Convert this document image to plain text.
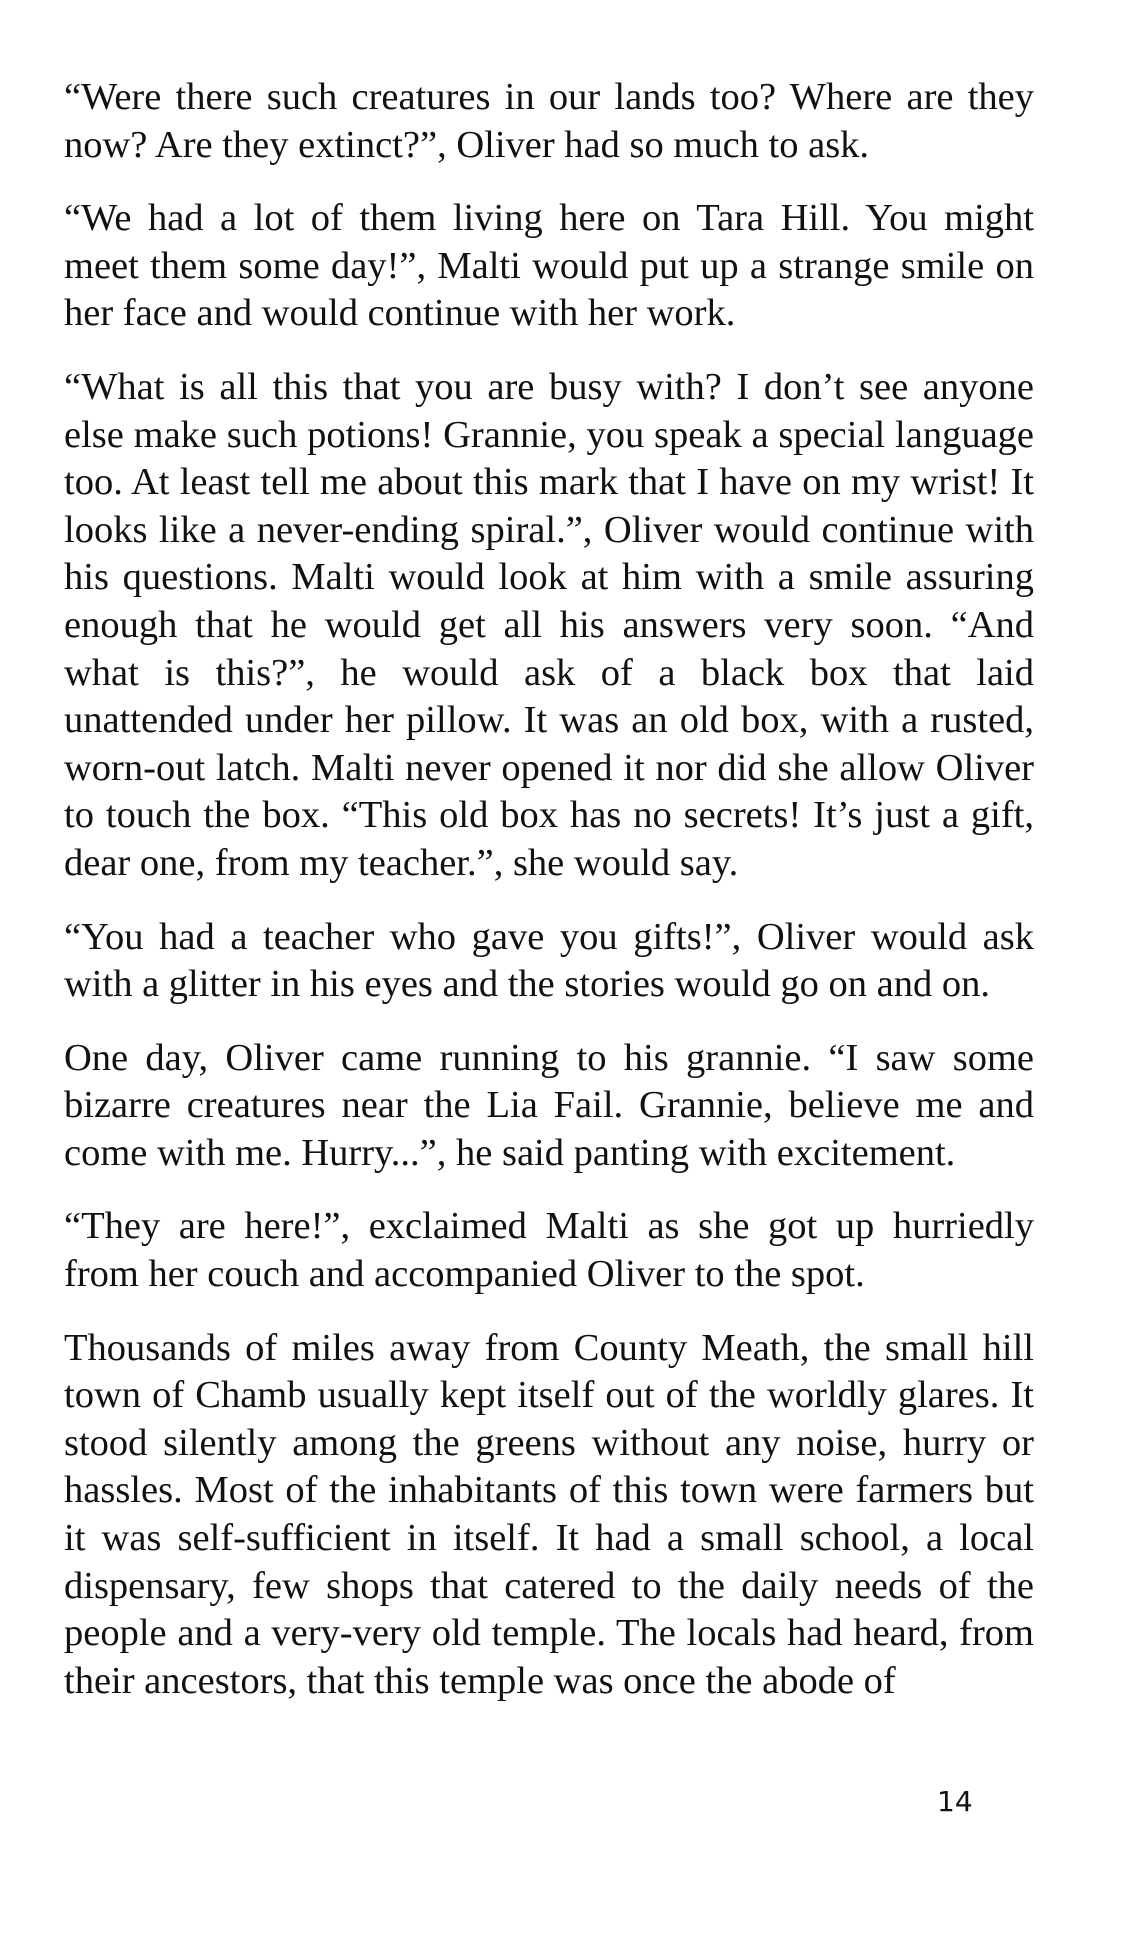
“Were there such creatures in our lands too? Where are they now? Are they extinct?”, Oliver had so much to ask.

“We had a lot of them living here on Tara Hill. You might meet them some day!”, Malti would put up a strange smile on her face and would continue with her work.

“What is all this that you are busy with? I don’t see anyone else make such potions! Grannie, you speak a special language too. At least tell me about this mark that I have on my wrist! It looks like a never-ending spiral.”, Oliver would continue with his questions. Malti would look at him with a smile assuring enough that he would get all his answers very soon. “And what is this?”, he would ask of a black box that laid unattended under her pillow. It was an old box, with a rusted, worn-out latch. Malti never opened it nor did she allow Oliver to touch the box. “This old box has no secrets! It’s just a gift, dear one, from my teacher.”, she would say.

“You had a teacher who gave you gifts!”, Oliver would ask with a glitter in his eyes and the stories would go on and on.

One day, Oliver came running to his grannie. “I saw some bizarre creatures near the Lia Fail. Grannie, believe me and come with me. Hurry...”, he said panting with excitement.

“They are here!”, exclaimed Malti as she got up hurriedly from her couch and accompanied Oliver to the spot.

Thousands of miles away from County Meath, the small hill town of Chamb usually kept itself out of the worldly glares. It stood silently among the greens without any noise, hurry or hassles. Most of the inhabitants of this town were farmers but it was self-sufficient in itself. It had a small school, a local dispensary, few shops that catered to the daily needs of the people and a very-very old temple. The locals had heard, from their ancestors, that this temple was once the abode of

14
